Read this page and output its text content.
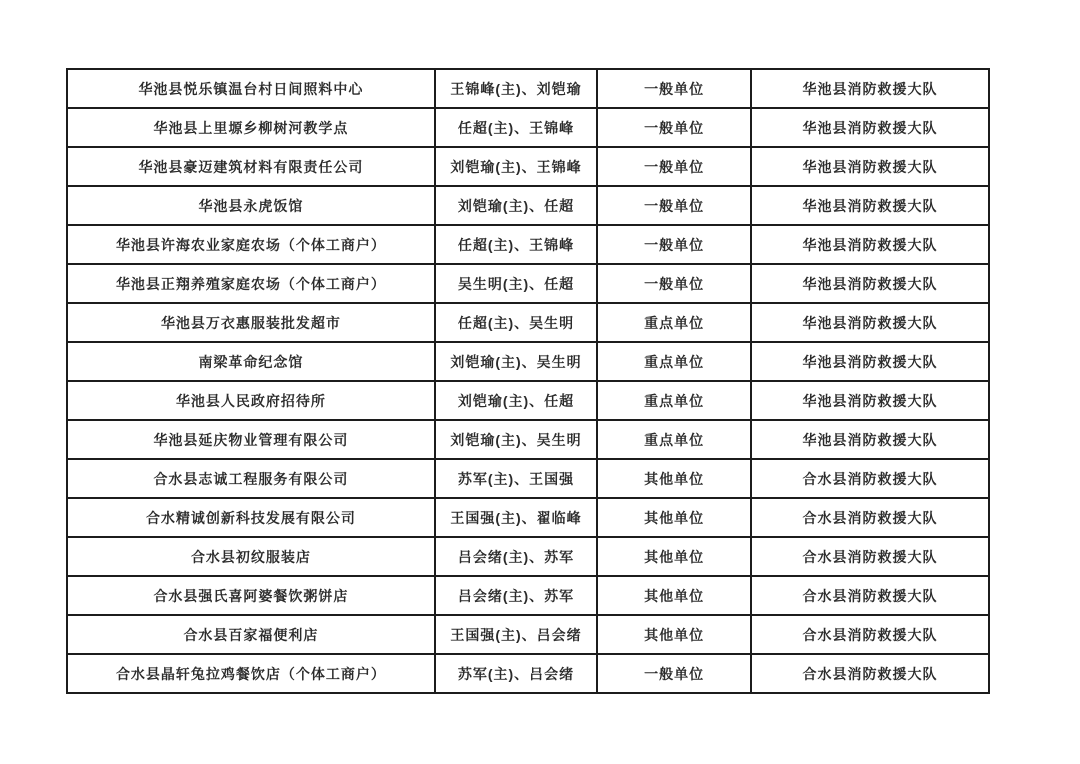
华池县悦乐镇温台村日间照料中心	王锦峰(主)、刘铠瑜	一般单位	华池县消防救援大队
华池县上里塬乡柳树河教学点	任超(主)、王锦峰	一般单位	华池县消防救援大队
华池县豪迈建筑材料有限责任公司	刘铠瑜(主)、王锦峰	一般单位	华池县消防救援大队
华池县永虎饭馆	刘铠瑜(主)、任超	一般单位	华池县消防救援大队
华池县许海农业家庭农场（个体工商户）	任超(主)、王锦峰	一般单位	华池县消防救援大队
华池县正翔养殖家庭农场（个体工商户）	吴生明(主)、任超	一般单位	华池县消防救援大队
华池县万衣惠服装批发超市	任超(主)、吴生明	重点单位	华池县消防救援大队
南梁革命纪念馆	刘铠瑜(主)、吴生明	重点单位	华池县消防救援大队
华池县人民政府招待所	刘铠瑜(主)、任超	重点单位	华池县消防救援大队
华池县延庆物业管理有限公司	刘铠瑜(主)、吴生明	重点单位	华池县消防救援大队
合水县志诚工程服务有限公司	苏军(主)、王国强	其他单位	合水县消防救援大队
合水精诚创新科技发展有限公司	王国强(主)、翟临峰	其他单位	合水县消防救援大队
合水县初纹服装店	吕会绪(主)、苏军	其他单位	合水县消防救援大队
合水县强氏喜阿婆餐饮粥饼店	吕会绪(主)、苏军	其他单位	合水县消防救援大队
合水县百家福便利店	王国强(主)、吕会绪	其他单位	合水县消防救援大队
合水县晶轩兔拉鸡餐饮店（个体工商户）	苏军(主)、吕会绪	一般单位	合水县消防救援大队
